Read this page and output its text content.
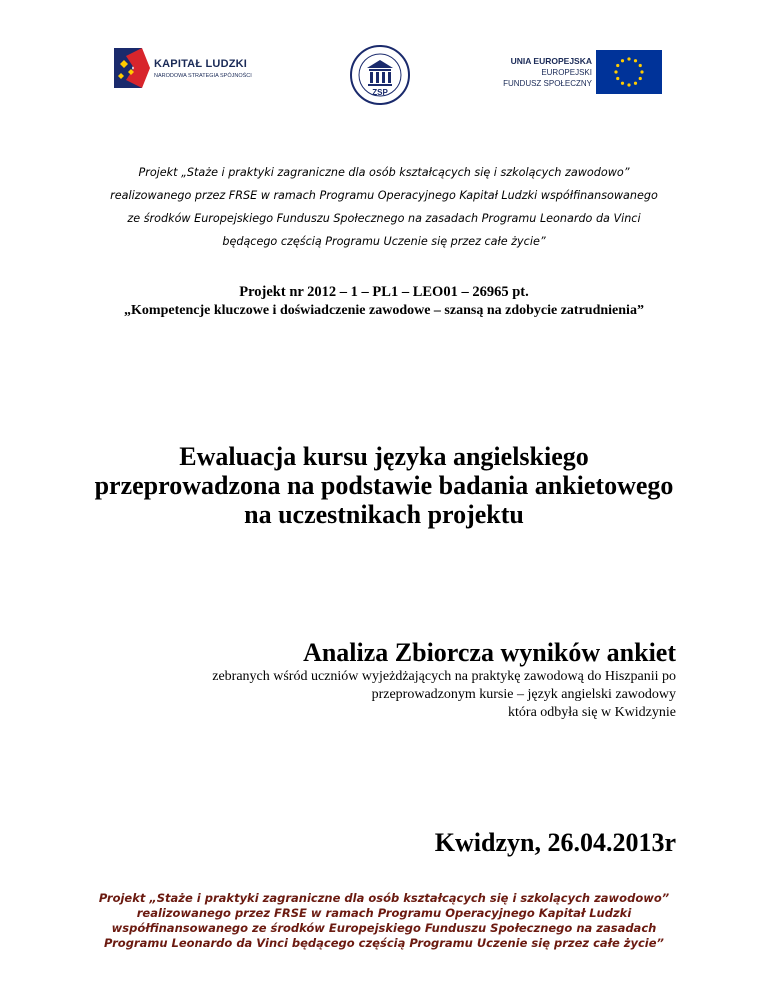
KAPITAŁ LUDZKI
NARODOWA STRATEGIA SPÓJNOŚCI
ZSP
UNIA EUROPEJSKA
EUROPEJSKI
FUNDUSZ SPOŁECZNY
Projekt „Staże i praktyki zagraniczne dla osób kształcących się i szkolących zawodowo”
realizowanego przez FRSE w ramach Programu Operacyjnego Kapitał Ludzki współfinansowanego
ze środków Europejskiego Funduszu Społecznego na zasadach Programu Leonardo da Vinci
będącego częścią Programu Uczenie się przez całe życie”
Projekt nr 2012 – 1 – PL1 – LEO01 – 26965 pt.
„Kompetencje kluczowe i doświadczenie zawodowe – szansą na zdobycie zatrudnienia”
Ewaluacja kursu języka angielskiego
przeprowadzona na podstawie badania ankietowego
na uczestnikach projektu
Analiza Zbiorcza wyników ankiet
zebranych wśród uczniów wyjeżdżających na praktykę zawodową do Hiszpanii po
przeprowadzonym kursie – język angielski zawodowy
która odbyła się w Kwidzynie
Kwidzyn, 26.04.2013r
Projekt „Staże i praktyki zagraniczne dla osób kształcących się i szkolących zawodowo”
realizowanego przez FRSE w ramach Programu Operacyjnego Kapitał Ludzki
współfinansowanego ze środków Europejskiego Funduszu Społecznego na zasadach
Programu Leonardo da Vinci będącego częścią Programu Uczenie się przez całe życie”
